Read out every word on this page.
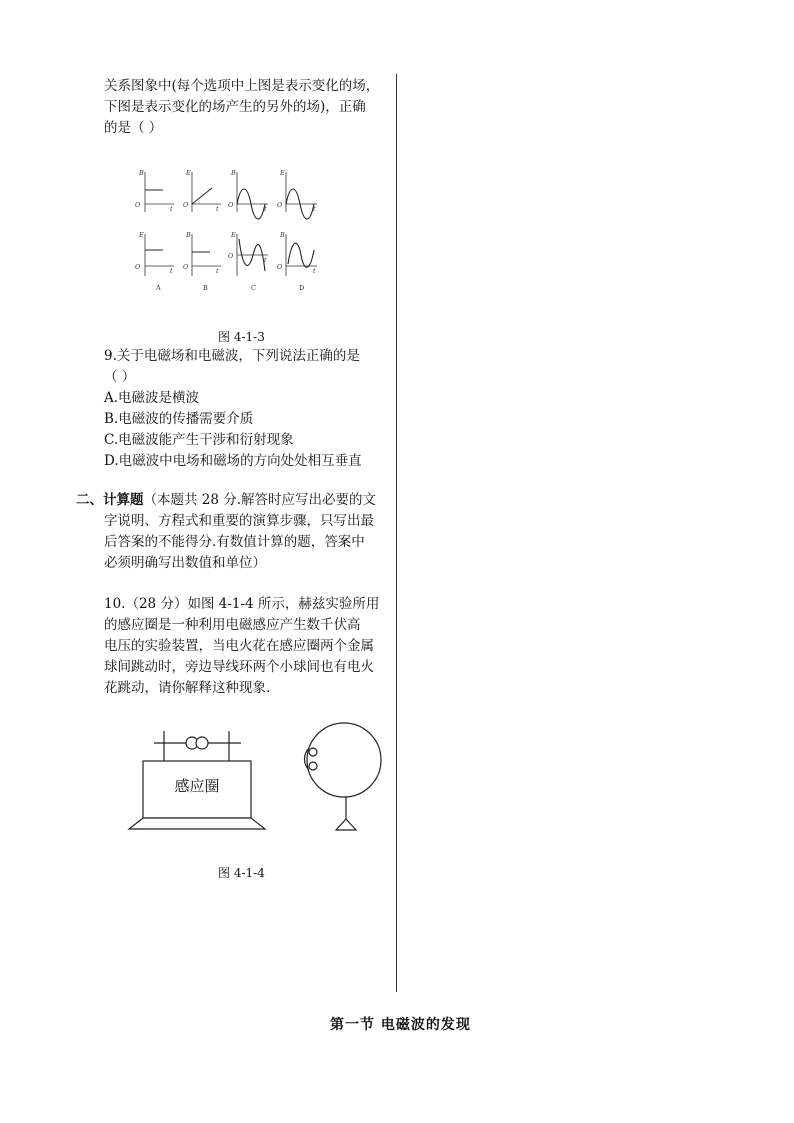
关系图象中(每个选项中上图是表示变化的场，
下图是表示变化的场产生的另外的场)，正确
的是（ ）
B
O	t
E
O	t
B
O	t
E
O	t
E
O	t
B
O	t
E
O	t
B
O	t
A	B	C	D
图 4-1-3
9.关于电磁场和电磁波，下列说法正确的是
（ ）
A.电磁波是横波
B.电磁波的传播需要介质
C.电磁波能产生干涉和衍射现象
D.电磁波中电场和磁场的方向处处相互垂直
二、计算题（本题共 28 分.解答时应写出必要的文
字说明、方程式和重要的演算步骤，只写出最
后答案的不能得分.有数值计算的题，答案中
必须明确写出数值和单位）
10.（28 分）如图 4-1-4 所示，赫兹实验所用
的感应圈是一种利用电磁感应产生数千伏高
电压的实验装置，当电火花在感应圈两个金属
球间跳动时，旁边导线环两个小球间也有电火
花跳动，请你解释这种现象.
感应圈
图 4-1-4
第一节 电磁波的发现
